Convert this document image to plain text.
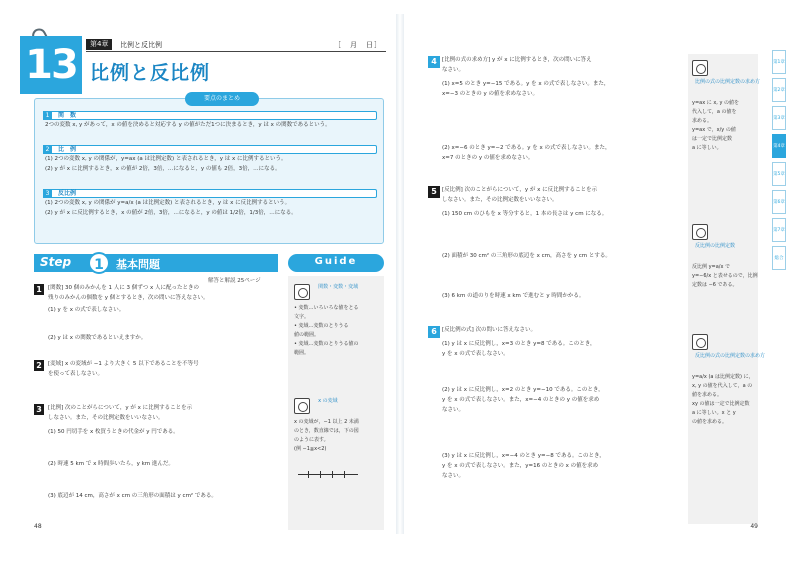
13	第4章	比例と反比例	［　月　日］
比例と反比例
要点のまとめ
1	関　数
2つの変数 x, y があって，x の値を決めると対応する y の値がただ1つに決まるとき，y は x の関数であるという。
2	比　例
(1) 2つの変数 x, y の関係が，y=ax (a は比例定数) と表されるとき，y は x に比例するという。
(2) y が x に比例するとき，x の値が 2倍，3倍，…になると，y の値も 2倍，3倍，…になる。
3	反比例
(1) 2つの変数 x, y の関係が y=a/x (a は比例定数) と表されるとき，y は x に反比例するという。
(2) y が x に反比例するとき，x の値が 2倍，3倍，…になると，y の値は 1/2倍，1/3倍，…になる。
Step	1	基本問題
解答と解説 25ページ
Guide
関数・変数・変域
• 変数…いろいろな値をとる
文字。
• 変域…変数のとりうる
値の範囲。
• 変域…変数のとりうる値の
範囲。
x の変域
x の変域が，−1 以上 2 未満
のとき，数直線では，下の図
のように表す。
(例 −1≦x<2)
1	[関数] 30 個のみかんを 1 人に 3 個ずつ x 人に配ったときの
残りのみかんの個数を y 個とするとき，次の問いに答えなさい。
(1) y を x の式で表しなさい。
(2) y は x の関数であるといえますか。
2	[変域] x の変域が −1 より大きく 5 以下であることを不等号
を使って表しなさい。
3	[比例] 次のことがらについて，y が x に比例することを示
しなさい。また，その比例定数をいいなさい。
(1) 50 円切手を x 枚買うときの代金が y 円である。
(2) 時速 5 km で x 時間歩いたら，y km 進んだ。
(3) 底辺が 14 cm，高さが x cm の三角形の面積は y cm² である。
48
4 [比例の式の求め方] y が x に比例するとき，次の問いに答え
なさい。
(1) x=5 のとき y=−15 である。y を x の式で表しなさい。また，
x=−3 のときの y の値を求めなさい。
(2) x=−6 のとき y=−2 である。y を x の式で表しなさい。また，
x=7 のときの y の値を求めなさい。
5 [反比例] 次のことがらについて，y が x に反比例することを示
しなさい。また，その比例定数をいいなさい。
(1) 150 cm のひもを x 等分すると，1 本の長さは y cm になる。
(2) 面積が 30 cm² の三角形の底辺を x cm，高さを y cm とする。
(3) 6 km の道のりを時速 x km で進むと y 時間かかる。
6 [反比例の式] 次の問いに答えなさい。
(1) y は x に反比例し，x=3 のとき y=8 である。このとき，
y を x の式で表しなさい。
(2) y は x に反比例し，x=2 のとき y=−10 である。このとき，
y を x の式で表しなさい。また，x=−4 のときの y の値を求め
なさい。
(3) y は x に反比例し，x=−4 のとき y=−8 である。このとき，
y を x の式で表しなさい。また，y=16 のときの x の値を求め
なさい。
比例の式の比例定数の求め方
y=ax に x, y の値を
代入して，a の値を
求める。
y=ax で，x/y の値
は一定で比例定数
a に等しい。
反比例の比例定数
反比例 y=a/x で
y=−6/x と表せるので，比例
定数は −6 である。
反比例の式の比例定数の求め方
y=a/x (a は比例定数) に，
x, y の値を代入して，a の
値を求める。
xy の値は一定で比例定数
a に等しい。x と y
の値を求める。
第1章
第2章
第3章
第4章
第5章
第6章
第7章
総合
49
